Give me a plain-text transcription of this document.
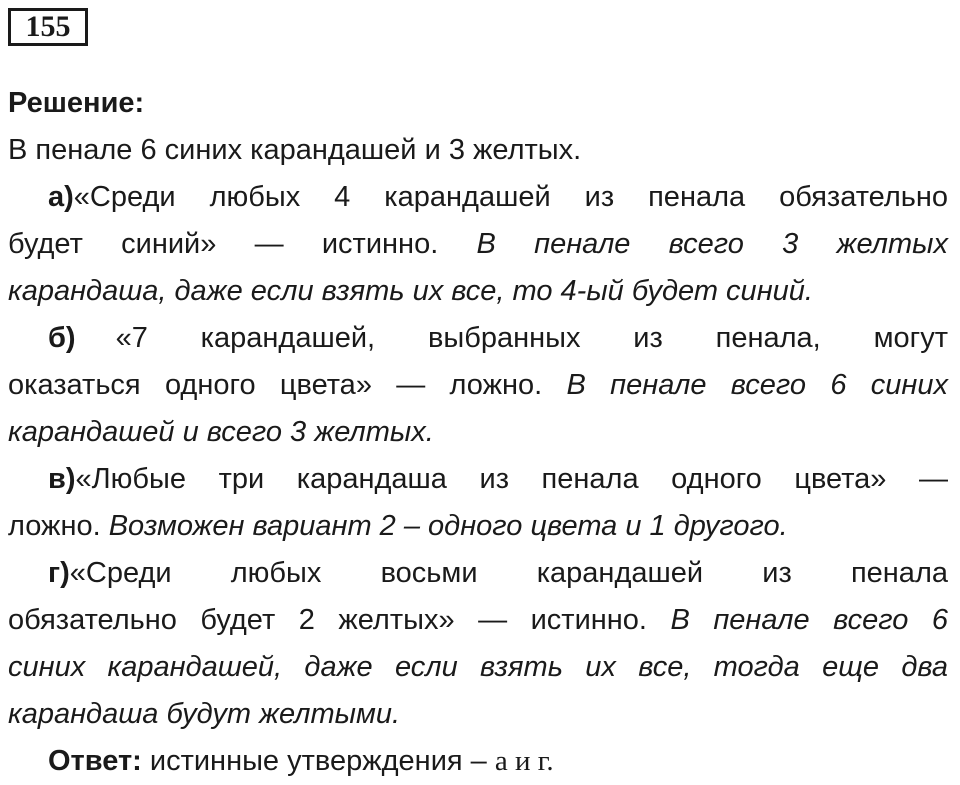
155
Решение:
В пенале 6 синих карандашей и 3 желтых.
а)«Среди любых 4 карандашей из пенала обязательно
будет синий» — истинно. В пенале всего 3 желтых
карандаша, даже если взять их все, то 4-ый будет синий.
б) «7 карандашей, выбранных из пенала, могут
оказаться одного цвета» — ложно. В пенале всего 6 синих
карандашей и всего 3 желтых.
в)«Любые три карандаша из пенала одного цвета» —
ложно. Возможен вариант 2 – одного цвета и 1 другого.
г)«Среди любых восьми карандашей из пенала
обязательно будет 2 желтых» — истинно. В пенале всего 6
синих карандашей, даже если взять их все, тогда еще два
карандаша будут желтыми.
Ответ: истинные утверждения – а и г.
